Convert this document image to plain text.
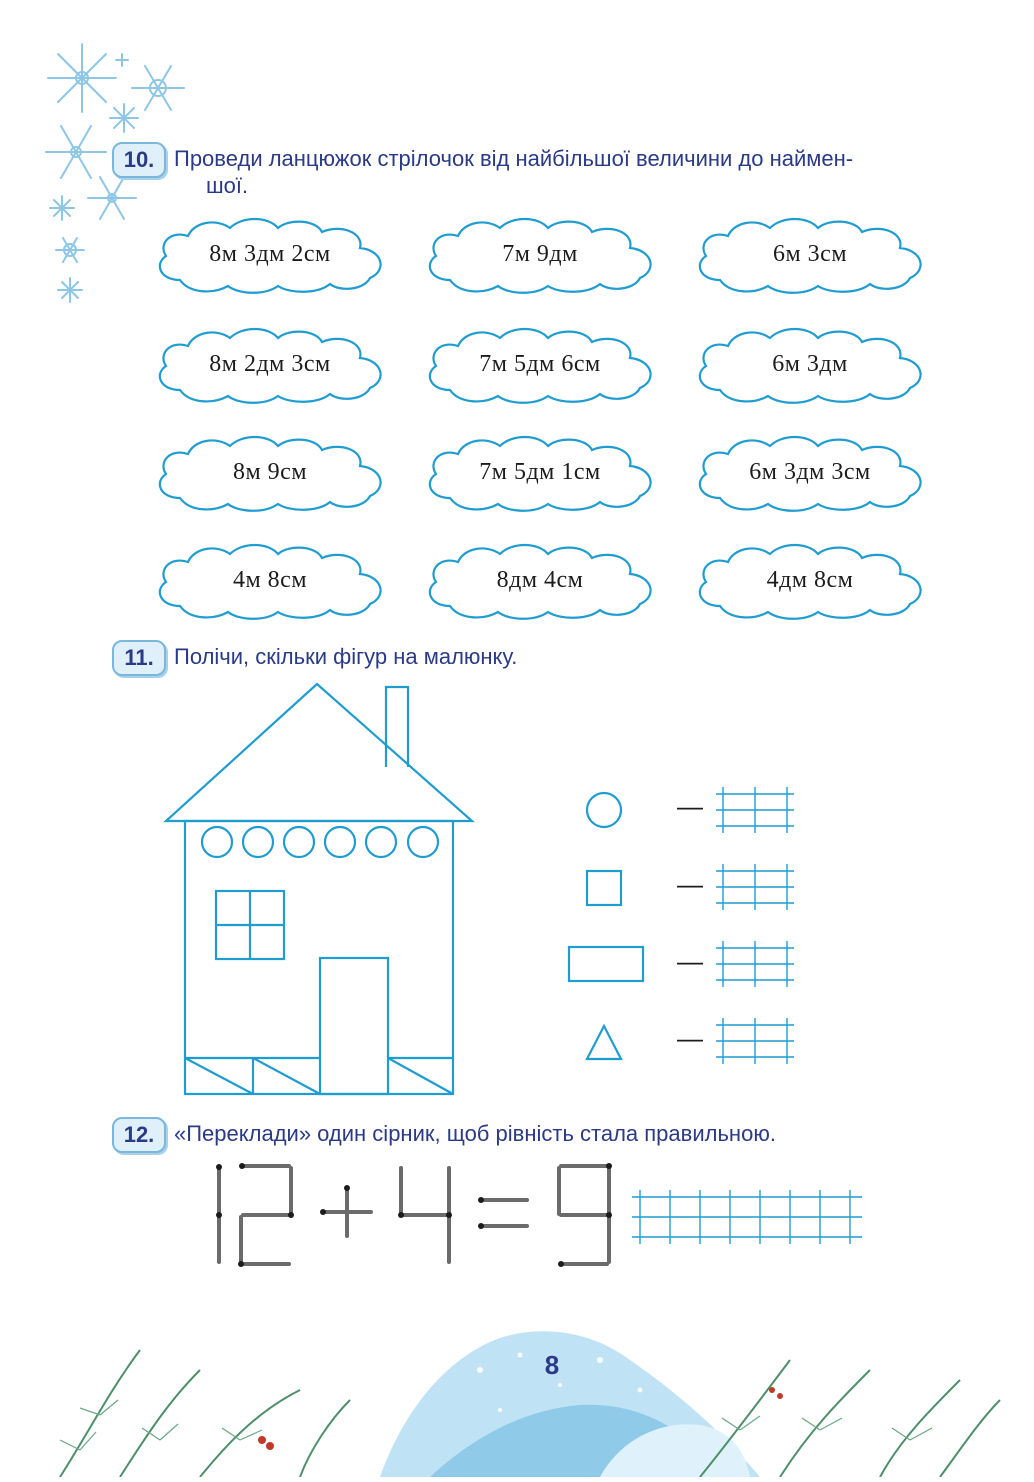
10. Проведи ланцюжок стрілочок від найбільшої величини до наймен-
шої.
8м 3дм 2см	7м 9дм	6м 3см
8м 2дм 3см	7м 5дм 6см	6м 3дм
8м 9см	7м 5дм 1см	6м 3дм 3см
4м 8см	8дм 4см	4дм 8см
11. Полічи, скільки фігур на малюнку.
—
—
—
—
12. «Переклади» один сірник, щоб рівність стала правильною.
8
